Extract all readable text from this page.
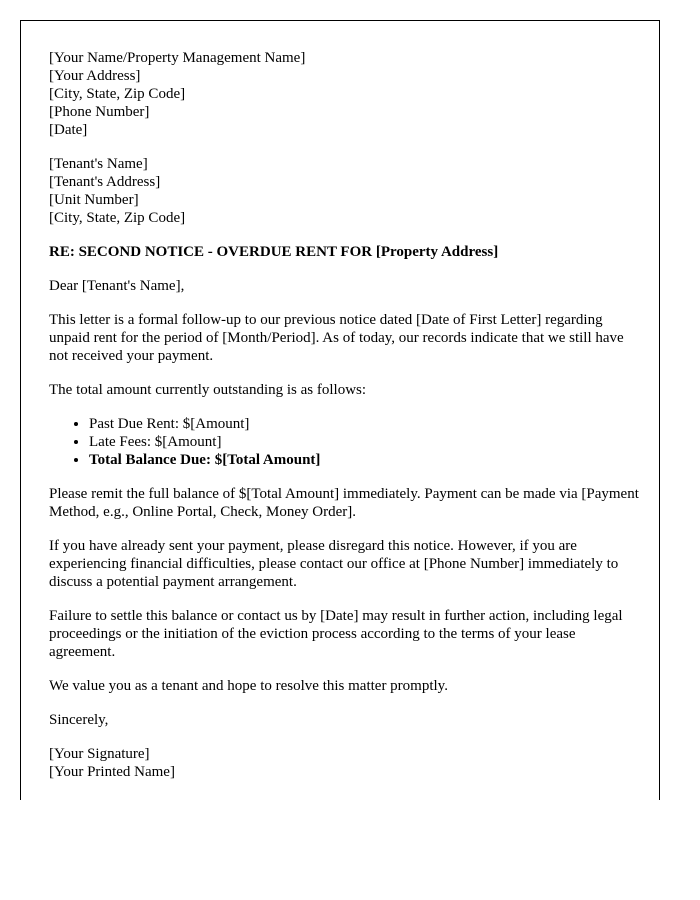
[Your Name/Property Management Name]
[Your Address]
[City, State, Zip Code]
[Phone Number]
[Date]
[Tenant's Name]
[Tenant's Address]
[Unit Number]
[City, State, Zip Code]
RE: SECOND NOTICE - OVERDUE RENT FOR [Property Address]

Dear [Tenant's Name],

This letter is a formal follow-up to our previous notice dated [Date of First Letter] regarding unpaid rent for the period of [Month/Period]. As of today, our records indicate that we still have not received your payment.

The total amount currently outstanding is as follows:

• Past Due Rent: $[Amount]
• Late Fees: $[Amount]
• Total Balance Due: $[Total Amount]

Please remit the full balance of $[Total Amount] immediately. Payment can be made via [Payment Method, e.g., Online Portal, Check, Money Order].

If you have already sent your payment, please disregard this notice. However, if you are experiencing financial difficulties, please contact our office at [Phone Number] immediately to discuss a potential payment arrangement.

Failure to settle this balance or contact us by [Date] may result in further action, including legal proceedings or the initiation of the eviction process according to the terms of your lease agreement.

We value you as a tenant and hope to resolve this matter promptly.

Sincerely,

[Your Signature]
[Your Printed Name]
